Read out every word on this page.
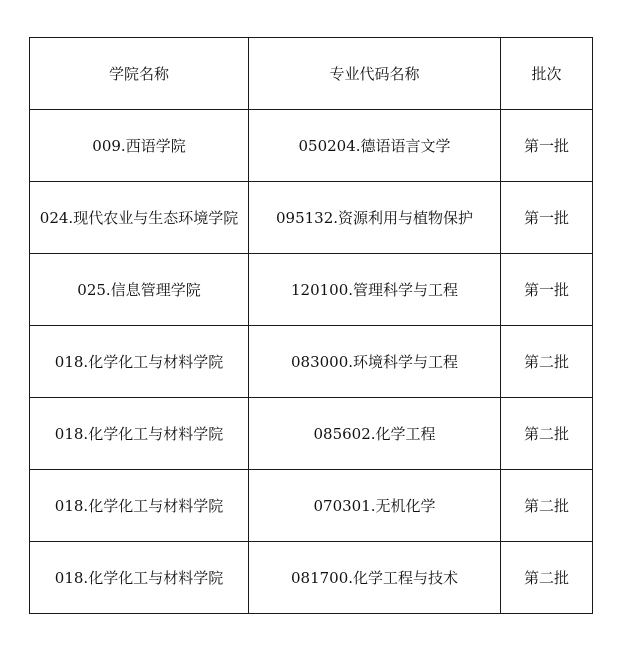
学院名称	专业代码名称	批次
009.西语学院	050204.德语语言文学	第一批
024.现代农业与生态环境学院	095132.资源利用与植物保护	第一批
025.信息管理学院	120100.管理科学与工程	第一批
018.化学化工与材料学院	083000.环境科学与工程	第二批
018.化学化工与材料学院	085602.化学工程	第二批
018.化学化工与材料学院	070301.无机化学	第二批
018.化学化工与材料学院	081700.化学工程与技术	第二批
